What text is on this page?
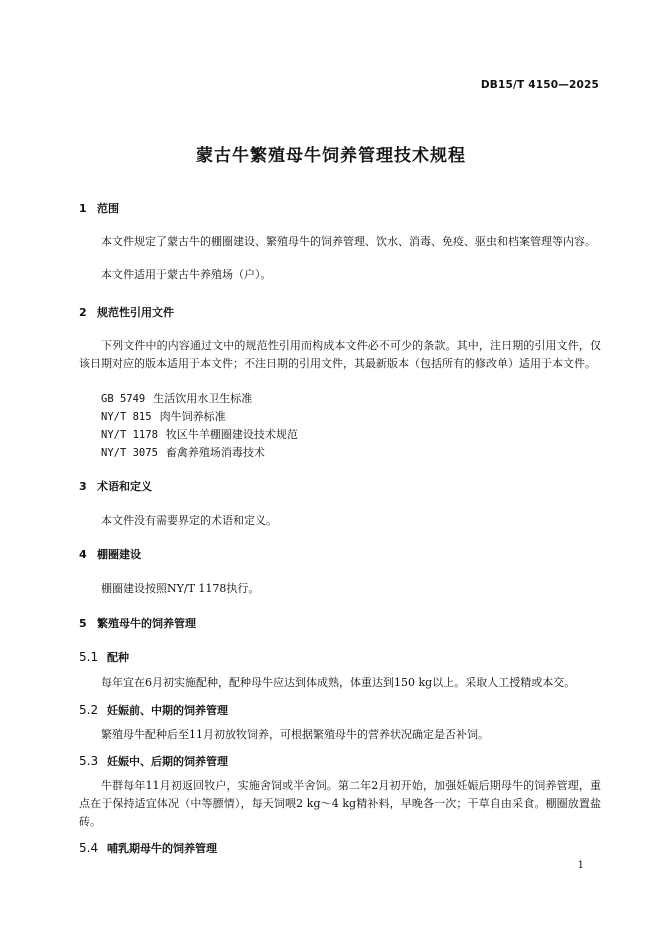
DB15/T 4150—2025
蒙古牛繁殖母牛饲养管理技术规程
1 范围

本文件规定了蒙古牛的棚圈建设、繁殖母牛的饲养管理、饮水、消毒、免疫、驱虫和档案管理等内容。

本文件适用于蒙古牛养殖场（户）。

2 规范性引用文件

下列文件中的内容通过文中的规范性引用而构成本文件必不可少的条款。其中，注日期的引用文件，仅该日期对应的版本适用于本文件；不注日期的引用文件，其最新版本（包括所有的修改单）适用于本文件。

GB 5749 生活饮用水卫生标准
NY/T 815 肉牛饲养标准
NY/T 1178 牧区牛羊棚圈建设技术规范
NY/T 3075 畜禽养殖场消毒技术
3 术语和定义

本文件没有需要界定的术语和定义。

4 棚圈建设

棚圈建设按照NY/T 1178执行。

5 繁殖母牛的饲养管理
5.1 配种

每年宜在6月初实施配种，配种母牛应达到体成熟，体重达到150 kg以上。采取人工授精或本交。

5.2 妊娠前、中期的饲养管理

繁殖母牛配种后至11月初放牧饲养，可根据繁殖母牛的营养状况确定是否补饲。

5.3 妊娠中、后期的饲养管理

牛群每年11月初返回牧户，实施舍饲或半舍饲。第二年2月初开始，加强妊娠后期母牛的饲养管理，重点在于保持适宜体况（中等膘情），每天饲喂2 kg～4 kg精补料，早晚各一次；干草自由采食。棚圈放置盐砖。

5.4 哺乳期母牛的饲养管理
1
